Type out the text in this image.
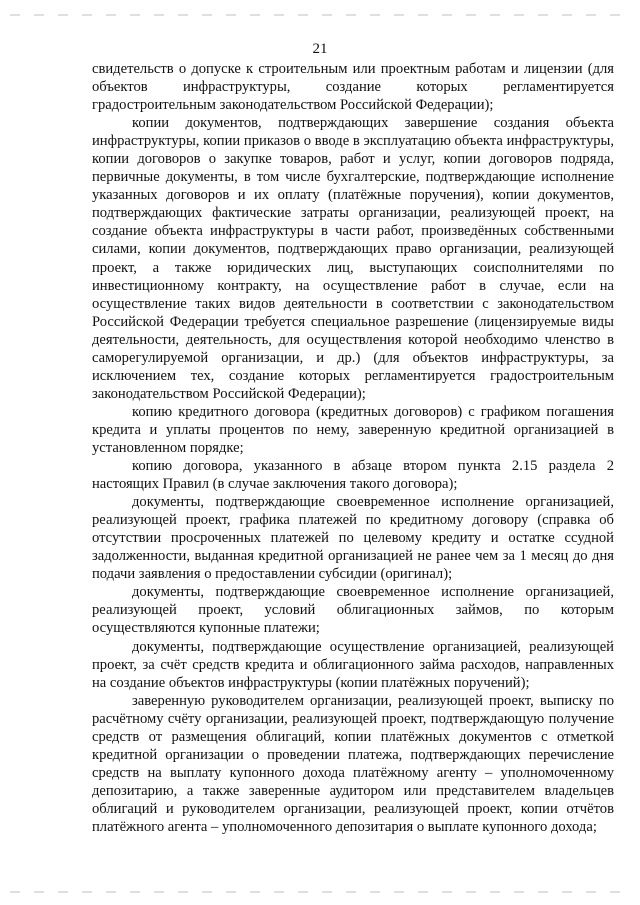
21

свидетельств о допуске к строительным или проектным работам и лицензии (для объектов инфраструктуры, создание которых регламентируется градостроительным законодательством Российской Федерации);

копии документов, подтверждающих завершение создания объекта инфраструктуры, копии приказов о вводе в эксплуатацию объекта инфраструктуры, копии договоров о закупке товаров, работ и услуг, копии договоров подряда, первичные документы, в том числе бухгалтерские, подтверждающие исполнение указанных договоров и их оплату (платёжные поручения), копии документов, подтверждающих фактические затраты организации, реализующей проект, на создание объекта инфраструктуры в части работ, произведённых собственными силами, копии документов, подтверждающих право организации, реализующей проект, а также юридических лиц, выступающих соисполнителями по инвестиционному контракту, на осуществление работ в случае, если на осуществление таких видов деятельности в соответствии с законодательством Российской Федерации требуется специальное разрешение (лицензируемые виды деятельности, деятельность, для осуществления которой необходимо членство в саморегулируемой организации, и др.) (для объектов инфраструктуры, за исключением тех, создание которых регламентируется градостроительным законодательством Российской Федерации);

копию кредитного договора (кредитных договоров) с графиком погашения кредита и уплаты процентов по нему, заверенную кредитной организацией в установленном порядке;

копию договора, указанного в абзаце втором пункта 2.15 раздела 2 настоящих Правил (в случае заключения такого договора);

документы, подтверждающие своевременное исполнение организацией, реализующей проект, графика платежей по кредитному договору (справка об отсутствии просроченных платежей по целевому кредиту и остатке ссудной задолженности, выданная кредитной организацией не ранее чем за 1 месяц до дня подачи заявления о предоставлении субсидии (оригинал);

документы, подтверждающие своевременное исполнение организацией, реализующей проект, условий облигационных займов, по которым осуществляются купонные платежи;

документы, подтверждающие осуществление организацией, реализующей проект, за счёт средств кредита и облигационного займа расходов, направленных на создание объектов инфраструктуры (копии платёжных поручений);

заверенную руководителем организации, реализующей проект, выписку по расчётному счёту организации, реализующей проект, подтверждающую получение средств от размещения облигаций, копии платёжных документов с отметкой кредитной организации о проведении платежа, подтверждающих перечисление средств на выплату купонного дохода платёжному агенту – уполномоченному депозитарию, а также заверенные аудитором или представителем владельцев облигаций и руководителем организации, реализующей проект, копии отчётов платёжного агента – уполномоченного депозитария о выплате купонного дохода;
